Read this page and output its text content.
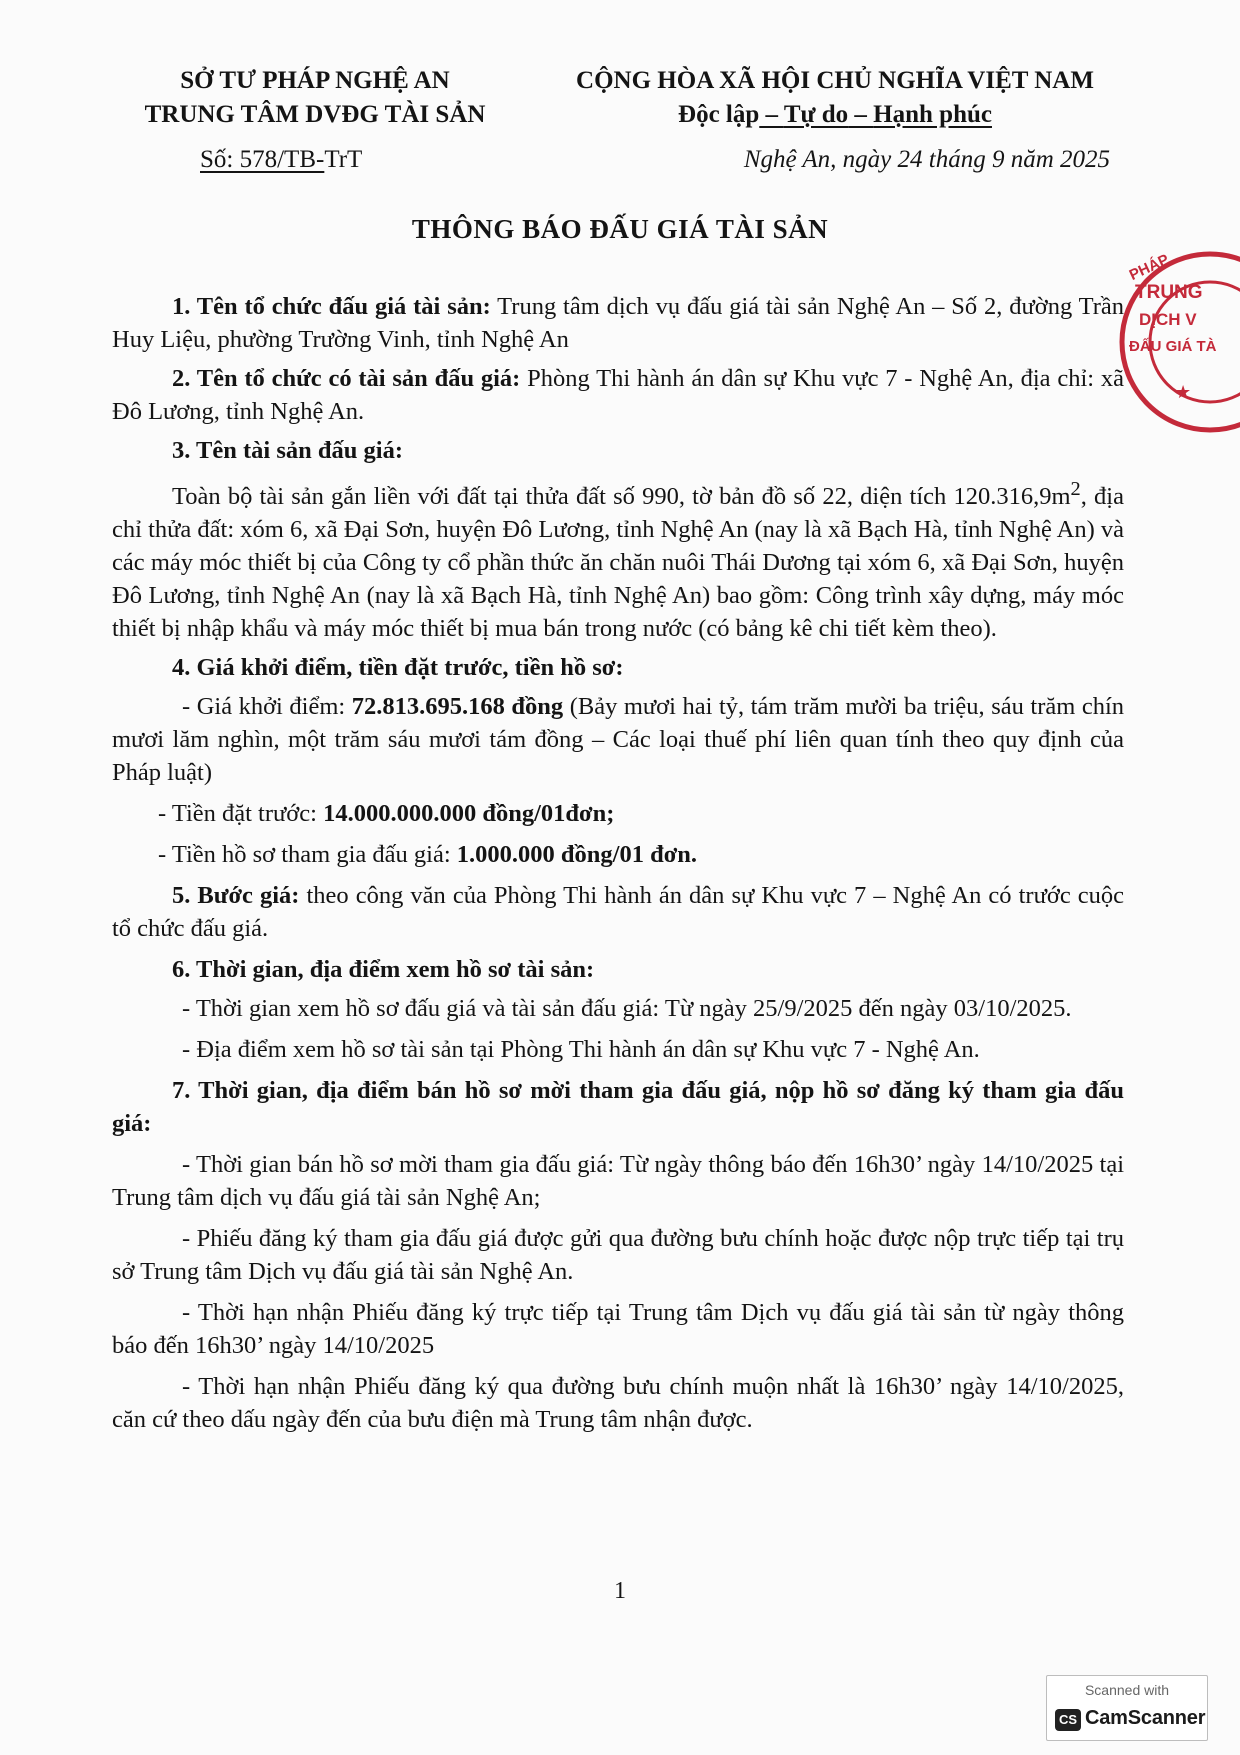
SỞ TƯ PHÁP NGHỆ AN
TRUNG TÂM DVĐG TÀI SẢN
Số: 578/TB-TrT
CỘNG HÒA XÃ HỘI CHỦ NGHĨA VIỆT NAM
Độc lập – Tự do – Hạnh phúc
Nghệ An, ngày 24 tháng 9 năm 2025
THÔNG BÁO ĐẤU GIÁ TÀI SẢN
PHÁP
TRUNG
DỊCH V
ĐẤU GIÁ TÀ
★

1. Tên tổ chức đấu giá tài sản: Trung tâm dịch vụ đấu giá tài sản Nghệ An – Số 2, đường Trần Huy Liệu, phường Trường Vinh, tỉnh Nghệ An

2. Tên tổ chức có tài sản đấu giá: Phòng Thi hành án dân sự Khu vực 7 - Nghệ An, địa chỉ: xã Đô Lương, tỉnh Nghệ An.

3. Tên tài sản đấu giá:

Toàn bộ tài sản gắn liền với đất tại thửa đất số 990, tờ bản đồ số 22, diện tích $120.316,9m^2$, địa chỉ thửa đất: xóm 6, xã Đại Sơn, huyện Đô Lương, tỉnh Nghệ An (nay là xã Bạch Hà, tỉnh Nghệ An) và các máy móc thiết bị của Công ty cổ phần thức ăn chăn nuôi Thái Dương tại xóm 6, xã Đại Sơn, huyện Đô Lương, tỉnh Nghệ An (nay là xã Bạch Hà, tỉnh Nghệ An) bao gồm: Công trình xây dựng, máy móc thiết bị nhập khẩu và máy móc thiết bị mua bán trong nước (có bảng kê chi tiết kèm theo).

4. Giá khởi điểm, tiền đặt trước, tiền hồ sơ:

- Giá khởi điểm: 72.813.695.168 đồng (Bảy mươi hai tỷ, tám trăm mười ba triệu, sáu trăm chín mươi lăm nghìn, một trăm sáu mươi tám đồng – Các loại thuế phí liên quan tính theo quy định của Pháp luật)

- Tiền đặt trước: 14.000.000.000 đồng/01đơn;

- Tiền hồ sơ tham gia đấu giá: 1.000.000 đồng/01 đơn.

5. Bước giá: theo công văn của Phòng Thi hành án dân sự Khu vực 7 – Nghệ An có trước cuộc tổ chức đấu giá.

6. Thời gian, địa điểm xem hồ sơ tài sản:

- Thời gian xem hồ sơ đấu giá và tài sản đấu giá: Từ ngày 25/9/2025 đến ngày 03/10/2025.

- Địa điểm xem hồ sơ tài sản tại Phòng Thi hành án dân sự Khu vực 7 - Nghệ An.

7. Thời gian, địa điểm bán hồ sơ mời tham gia đấu giá, nộp hồ sơ đăng ký tham gia đấu giá:

- Thời gian bán hồ sơ mời tham gia đấu giá: Từ ngày thông báo đến 16h30’ ngày 14/10/2025 tại Trung tâm dịch vụ đấu giá tài sản Nghệ An;

- Phiếu đăng ký tham gia đấu giá được gửi qua đường bưu chính hoặc được nộp trực tiếp tại trụ sở Trung tâm Dịch vụ đấu giá tài sản Nghệ An.

- Thời hạn nhận Phiếu đăng ký trực tiếp tại Trung tâm Dịch vụ đấu giá tài sản từ ngày thông báo đến 16h30’ ngày 14/10/2025

- Thời hạn nhận Phiếu đăng ký qua đường bưu chính muộn nhất là 16h30’ ngày 14/10/2025, căn cứ theo dấu ngày đến của bưu điện mà Trung tâm nhận được.

1
Scanned with
CS CamScanner
